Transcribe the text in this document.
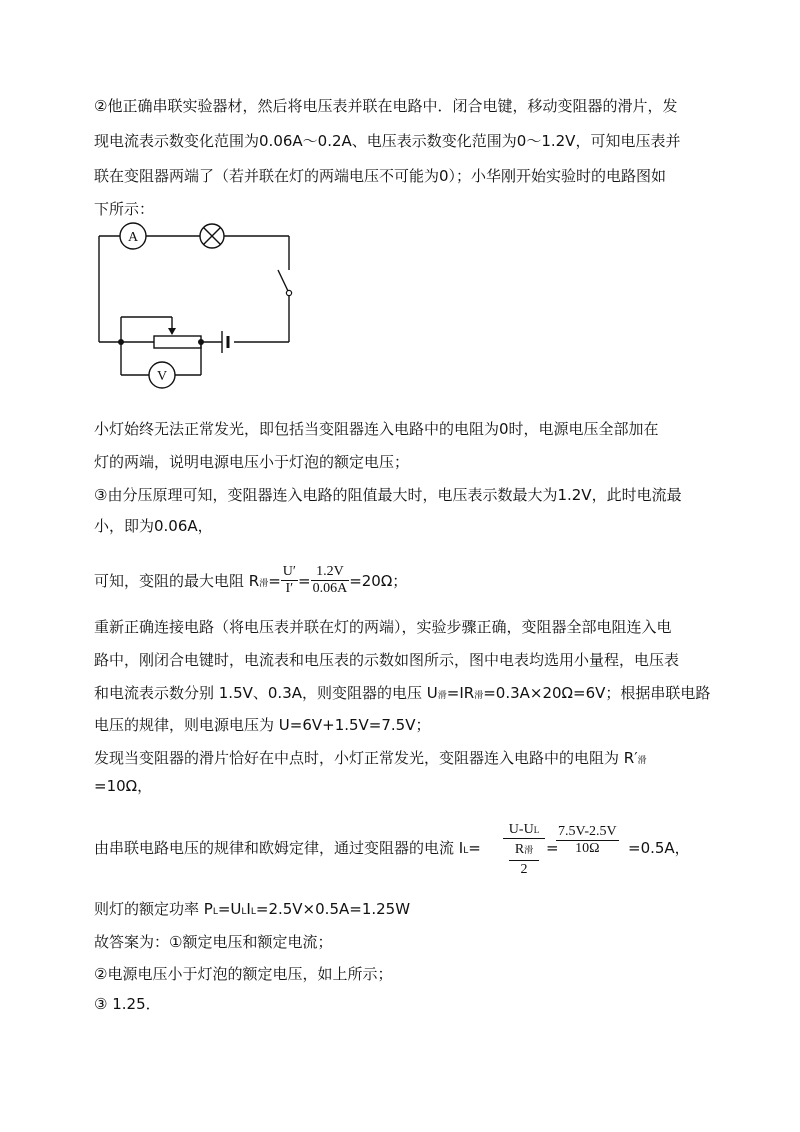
②他正确串联实验器材，然后将电压表并联在电路中．闭合电键，移动变阻器的滑片，发
现电流表示数变化范围为0.06A～0.2A、电压表示数变化范围为0～1.2V，可知电压表并
联在变阻器两端了（若并联在灯的两端电压不可能为0）；小华刚开始实验时的电路图如
下所示：
A
V
小灯始终无法正常发光，即包括当变阻器连入电路中的电阻为0时，电源电压全部加在
灯的两端，说明电源电压小于灯泡的额定电压；
③由分压原理可知，变阻器连入电路的阻值最大时，电压表示数最大为1.2V，此时电流最
小，即为0.06A，
可知，变阻的最大电阻 R滑= $\frac{U'}{I'} = \frac{1.2V}{0.06A} =20\Omega$；
重新正确连接电路（将电压表并联在灯的两端），实验步骤正确，变阻器全部电阻连入电
路中，刚闭合电键时，电流表和电压表的示数如图所示，图中电表均选用小量程，电压表
和电流表示数分别 1.5V、0.3A，则变阻器的电压 U滑=IR滑=0.3A×20Ω=6V；根据串联电路
电压的规律，则电源电压为 U=6V+1.5V=7.5V；
发现当变阻器的滑片恰好在中点时，小灯正常发光，变阻器连入电路中的电阻为 R′滑
=10Ω，
由串联电路电压的规律和欧姆定律，通过变阻器的电流 IL=
U-UL
R滑
2
=
$\frac{7.5V-2.5V}{10\Omega} =0.5A$，
则灯的额定功率 PL=ULIL=2.5V×0.5A=1.25W
故答案为：①额定电压和额定电流；
②电源电压小于灯泡的额定电压，如上所示；
③ 1.25．
